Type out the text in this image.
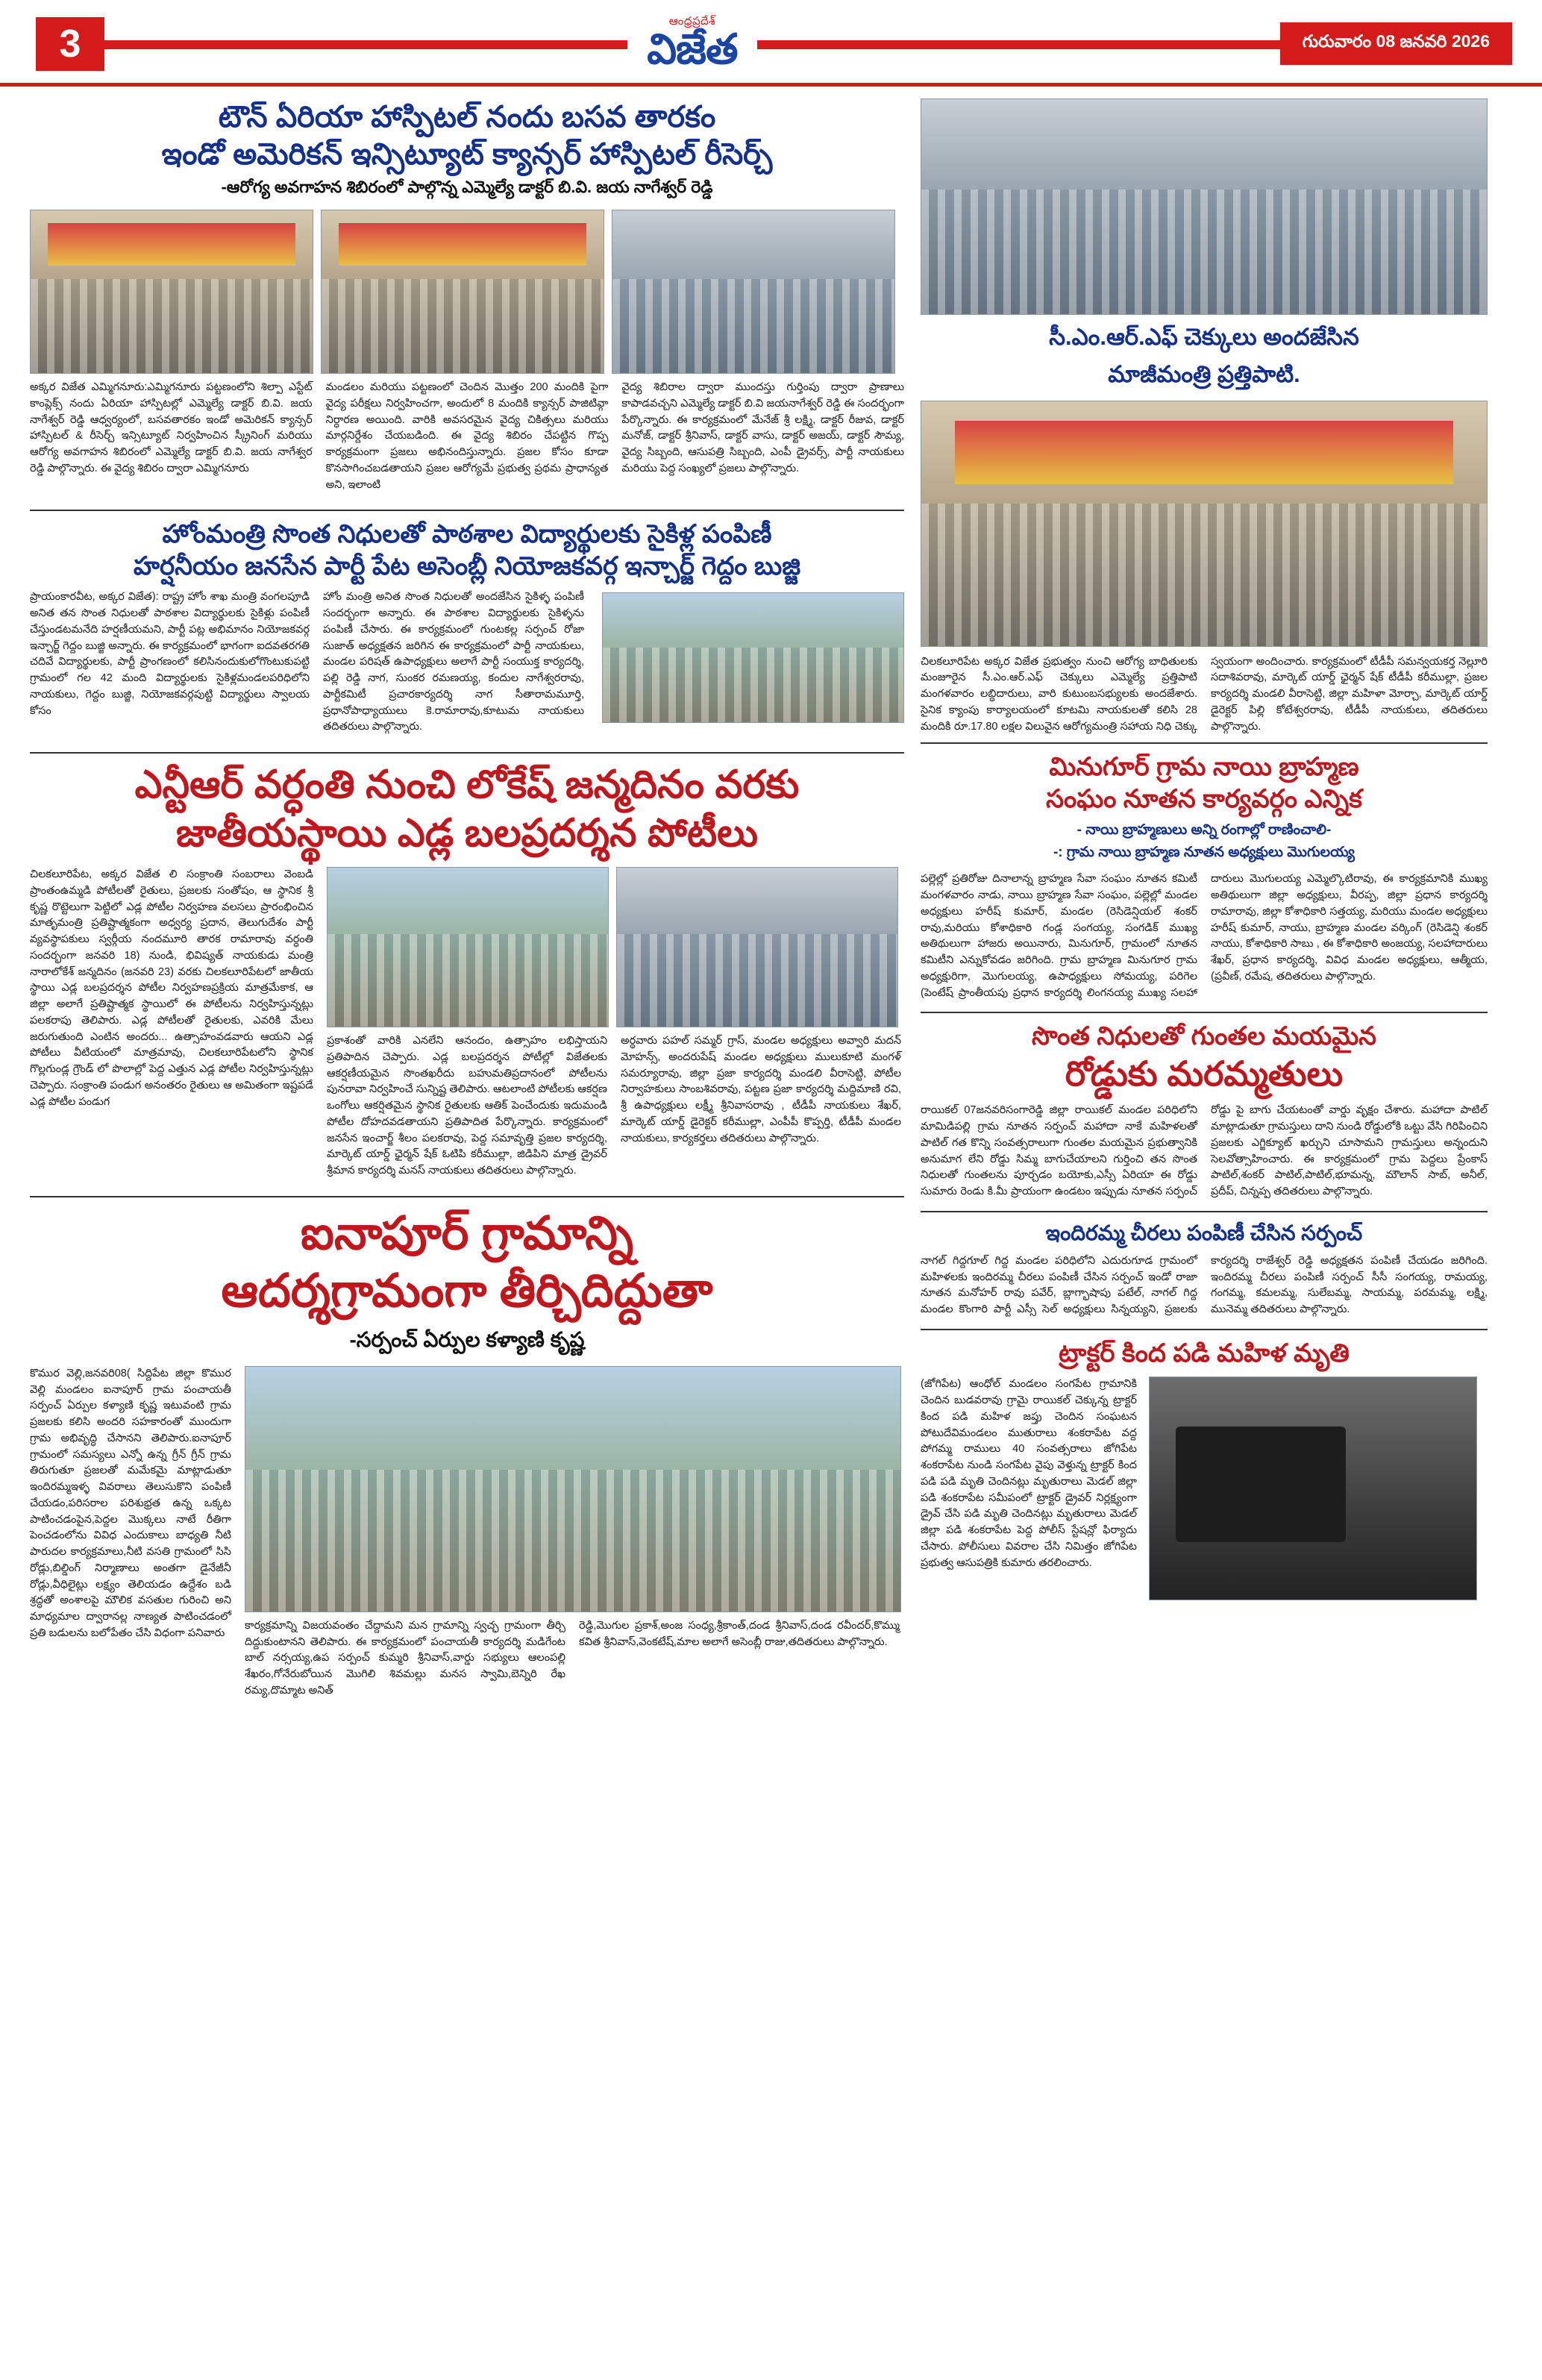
3
ఆంధ్రప్రదేశ్
విజేత	గురువారం 08 జనవరి 2026
టౌన్ ఏరియా హాస్పిటల్ నందు బసవ తారకం
ఇండో అమెరికన్ ఇన్సిట్యూట్ క్యాన్సర్ హాస్పిటల్ రీసెర్చ్
-ఆరోగ్య అవగాహన శిబిరంలో పాల్గొన్న ఎమ్మెల్యే డాక్టర్ బి.వి. జయ నాగేశ్వర్ రెడ్డి

అక్కర విజేత ఎమ్మిగనూరు:ఎమ్మిగనూరు పట్టణంలోని శిల్పా ఎస్టేట్ కాంప్లెక్స్ నందు ఏరియా హాస్పిటల్లో ఎమ్మెల్యే డాక్టర్ బి.వి. జయ నాగేశ్వర్ రెడ్డి ఆధ్వర్యంలో, బసవతారకం ఇండో అమెరికన్ క్యాన్సర్ హాస్పిటల్ & రీసెర్చ్ ఇన్సిట్యూట్ నిర్వహించిన స్క్రీనింగ్ మరియు ఆరోగ్య అవగాహన శిబిరంలో ఎమ్మెల్యే డాక్టర్ బి.వి. జయ నాగేశ్వర రెడ్డి పాల్గొన్నారు. ఈ వైద్య శిబిరం ద్వారా ఎమ్మిగనూరు

మండలం మరియు పట్టణంలో చెందిన మొత్తం 200 మందికి పైగా వైద్య పరీక్షలు నిర్వహించగా, అందులో 8 మందికి క్యాన్సర్ పాజిటివ్గా నిర్ధారణ అయింది. వారికి అవసరమైన వైద్య చికిత్సలు మరియు మార్గనిర్దేశం చేయబడింది. ఈ వైద్య శిబిరం చేపట్టిన గొప్ప కార్యక్రమంగా ప్రజలు అభినందిస్తున్నారు. ప్రజల కోసం కూడా కొనసాగించబడతాయని ప్రజల ఆరోగ్యమే ప్రభుత్వ ప్రథమ ప్రాధాన్యత అని, ఇలాంటి

వైద్య శిబిరాల ద్వారా ముందస్తు గుర్తింపు ద్వారా ప్రాణాలు కాపాడవచ్చని ఎమ్మెల్యే డాక్టర్ బి.వి జయనాగేశ్వర్ రెడ్డి ఈ సందర్భంగా పేర్కొన్నారు. ఈ కార్యక్రమంలో మేనేజ్ శ్రీ లక్ష్మి, డాక్టర్ రీజువ, డాక్టర్ మనోజ్, డాక్టర్ శ్రీనివాస్, డాక్టర్ వాసు, డాక్టర్ అజయ్, డాక్టర్ సౌమ్య, వైద్య సిబ్బంది, ఆసుపత్రి సిబ్బంది, ఎంపీ డ్రైవర్స్, పార్టీ నాయకులు మరియు పెద్ద సంఖ్యలో ప్రజలు పాల్గొన్నారు.

హోంమంత్రి సొంత నిధులతో పాఠశాల విద్యార్థులకు సైకిళ్ల పంపిణీ
హర్షనీయం జనసేన పార్టీ పేట అసెంబ్లీ నియోజకవర్గ ఇన్చార్జ్ గెద్దం బుజ్జి

ప్రాయంకారవీట, అక్కర విజేత): రాష్ట్ర హోం శాఖ మంత్రి వంగలపూడి అనిత తన సొంత నిధులతో పాఠశాల విద్యార్థులకు సైకిళ్లు పంపిణీ చేస్తుండటమనేది హర్షణీయమని, పార్టీ పట్ల అభిమానం నియోజకవర్గ ఇన్చార్జ్ గెద్దం బుజ్జి అన్నారు. ఈ కార్యక్రమంలో భాగంగా ఐదవతరగతి చదివే విద్యార్థులకు, పార్టీ ప్రాంగణంలో కలిసినందుకులోగొంటుకుపట్టి గ్రామంలో గల 42 మంది విద్యార్థులకు సైకిళ్లమండలపరిధిలోని నాయకులు, గెద్దం బుజ్జి, నియోజకవర్గపుట్టి విద్యార్థులు స్వాలయ కోసం

హోం మంత్రి అనిత సొంత నిధులతో అందజేసిన సైకిళ్ళ పంపిణీ సందర్భంగా అన్నారు. ఈ పాఠశాల విద్యార్థులకు సైకిళ్ళను పంపిణీ చేసారు. ఈ కార్యక్రమంలో గుంటకల్ల సర్పంచ్ రోజా సుజాత్ అధ్యక్షతన జరిగిన ఈ కార్యక్రమంలో పార్టీ నాయకులు, మండల పరిషత్ ఉపాధ్యక్షులు అలాగే పార్టీ సంయుక్త కార్యదర్శి, పల్లి రెడ్డి నాగ, సుంకర రమణయ్య, కందుల నాగేశ్వరరావు, పార్టీకమిటీ ప్రచారకార్యదర్శి నాగ సీతారామమూర్తి, ప్రధానోపాధ్యాయులు కె.రామారావు,కూటుమ నాయకులు తదితరులు పాల్గొన్నారు.

ఎన్టీఆర్ వర్ధంతి నుంచి లోకేష్ జన్మదినం వరకు
జాతీయస్థాయి ఎడ్ల బలప్రదర్శన పోటీలు
చిలకలూరిపేట, అక్కర విజేత లి సంక్రాంతి సంబరాలు వెంబడి ప్రాంతంఉమ్మడి పోటీలతో రైతులు, ప్రజలకు సంతోషం, ఆ స్థానిక శ్రీ కృష్ణ రొట్టెలుగా పెట్టిలో ఎడ్ల పోటీల నిర్వహణ వలసలు ప్రారంభించిన మాతృమంత్రి ప్రతిష్టాత్మకంగా అధ్వర్య ప్రదాన, తెలుగుదేశం పార్టీ వ్యవస్థాపకులు స్వర్గీయ నందమూరి తారక రామారావు వర్ధంతి సందర్భంగా జనవరి 18) నుండి, భివిష్యత్ నాయకుడు మంత్రి నారాలోకేశ్ జన్మదినం (జనవరి 23) వరకు చిలకలూరిపేటలో జాతీయ స్థాయి ఎడ్ల బలప్రదర్శన పోటీల నిర్వహణప్రక్రియ మాత్రమేకాక, ఆ జిల్లా అలాగే ప్రతిష్టాత్మక స్థాయిలో ఈ పోటీలను నిర్వహిస్తున్నట్లు పలకరాపు తెలిపారు. ఎడ్ల పోటీలతో రైతులకు, ఎవరికి మేలు జరుగుతుంది ఎంటిన అందరు... ఉత్సాహంవడవారు ఆయని ఎడ్ల పోటీలు వీటియంలో మాత్రమావు, చిలకలూరిపేటలోని స్థానిక గొల్లగుండ్ల గ్రౌండ్ లో పొలాల్లో పెద్ద ఎత్తున ఎడ్ల పోటీల నిర్వహిస్తున్నట్లు చెప్పారు. సంక్రాంతి పండుగ అనంతరం రైతులు ఆ అమితంగా ఇష్టపడే ఎడ్ల పోటీల పండుగ

ప్రకాశంతో వారికి ఎనలేని ఆనందం, ఉత్సాహం లభిస్తాయని ప్రతిపాదిన చెప్పారు. ఎడ్ల బలప్రదర్శన పోటీల్లో విజేతలకు ఆకర్షణీయమైన సొంతఖరీదు బహుమతిప్రదానంలో పోటీలను పునరావా నిర్వహించే సున్నిష్ట తెలిపారు. ఆటలాంటి పోటీలకు ఆకర్షణ ఒంగోలు ఆకర్షితమైన స్థానిక రైతులకు ఆతిక్ పెంచేందుకు ఇదుమండి పోటీల దోహదవడతాయని ప్రతిపాదిత పేర్కొన్నారు. కార్యక్రమంలో జనసేన ఇంచార్జ్ శీలం పలకరావు, పెద్ద సమావృత్తి ప్రజల కార్యదర్శి, మార్కెట్ యార్డ్ ఛైర్మన్ షేక్ ఓటిపి కరీముల్లా, జిడిపిని మాత్ర డ్రైవర్ శ్రీమాన కార్యదర్శి మనస్ నాయకులు తదితరులు పాల్గొన్నారు.

అర్ధవారు పహల్ సమ్మర్ గ్రాస్, మండల అధ్యక్షులు అవ్వారి మదన్ మోహన్స్, అందరుపేష్ మండల అధ్యక్షులు ములుకూటి మంగళ్ సమర్యూరావు, జిల్లా ప్రజా కార్యదర్శి మండలి వీరాసెట్టి, పోటీల నిర్వాహకులు సాంబశివరావు, పట్టణ ప్రజా కార్యదర్శి మద్దిమాణి రవి, శ్రీ ఉపాధ్యక్షులు లక్ష్మీ శ్రీనివాసరావు , టీడీపీ నాయకులు శేఖర్, మార్కెట్ యార్డ్ డైరెక్టర్ కరీముల్లా, ఎంపీపీ కొప్పర్తి, టీడీపీ మండల నాయకులు, కార్యకర్తలు తదితరులు పాల్గొన్నారు.

ఐనాపూర్ గ్రామాన్ని
ఆదర్శగ్రామంగా తీర్చిదిద్దుతా
-సర్పంచ్ ఏర్పుల కళ్యాణి కృష్ణ
కొముర వెల్లి,జనవరి08( సిద్దిపేట జిల్లా కొముర వెల్లి మండలం ఐనాపూర్ గ్రామ పంచాయతీ సర్పంచ్ ఏర్పుల కళ్యాణి కృష్ణ ఇటువంటి గ్రామ ప్రజలకు కలిసి అందరి సహకారంతో ముందుగా గ్రామ అభివృద్ధి చేసానని తెలిపారు.ఐనాపూర్ గ్రామంలో సమస్యలు ఎన్నో ఉన్న గ్రీన్ గ్రీన్ గ్రామ తిరుగుతూ ప్రజలతో మమేకమై మాట్లాడుతూ ఇందిరమ్మఇళ్ళ వివరాలు తెలుసుకొని పంపిణీ చేయడం,పరిసరాల పరిశుభ్రత ఉన్న ఒక్కట పాటించడంపైన,పెద్దల మొక్కలు నాటే రీతిగా పెంచడంలోను వివిధ ఎందుకాలు బాధ్యతి నీటి పారుదల కార్యక్రమాలు,నీటి వసతి గ్రామంలో సిసి రోడ్లు,బిల్డింగ్ నిర్మాణాలు అంతగా డైనేజీనీ రోడ్లు,వీధిలైట్లు లక్ష్యం తెలియడం ఉద్దేశం బడి శ్రద్ధతో అంశాలపై మౌలిక వసతుల గురించి అని మాధ్యమాల ద్వారానల్ల నాణ్యత పాటించడంలో ప్రతి బడులను బలోపేతం చేసి విధంగా పనివారు

కార్యక్రమాన్ని విజయవంతం చేద్దామని మన గ్రామాన్ని స్వచ్ఛ గ్రామంగా తీర్చి దిద్దుకుంటానని తెలిపారు. ఈ కార్యక్రమంలో పంచాయతీ కార్యదర్శి మడిగేంట బాల్ నర్సయ్య,ఉప సర్పంచ్ కుమ్మరి శ్రీనివాస్,వార్డు సభ్యులు ఆలంపల్లి శేఖరం,గోనేరుబోయిన మొగిలి శివమల్లు మనస స్వామి,బెన్నిరి రేఖ రమ్య,దొమ్మాట అనిత్

రెడ్డి,మొగుల ప్రకాశ్,అంజ సంధ్య,శ్రీకాంత్,దండ శ్రీనివాస్,దండ రవీందర్,కొమ్ము కవిత శ్రీనివాస్,వెంకటేష్,మాల అలాగే అసెంబ్లీ రాజు,తదితరులు పాల్గొన్నారు.

సీ.ఎం.ఆర్.ఎఫ్ చెక్కులు అందజేసిన
మాజీమంత్రి ప్రత్తిపాటి.
చిలకలూరిపేట అక్కర విజేత ప్రభుత్వం నుంచి ఆరోగ్య బాధితులకు మంజూరైన సీ.ఎం.ఆర్.ఎఫ్ చెక్కులు ఎమ్మెల్యే ప్రత్తిపాటి మంగళవారం లబ్ధిదారులు, వారి కుటుంబసభ్యులకు అందజేశారు. సైనిక క్యాంపు కార్యాలయంలో కూటమి నాయకులతో కలిసి 28 మందికి రూ.17.80 లక్షల విలువైన ఆరోగ్యమంత్రి సహాయ నిధి చెక్కు స్వయంగా అందించారు. కార్యక్రమంలో టీడీపీ సమన్వయకర్త నెల్లూరి సదాశివరావు, మార్కెట్ యార్డ్ ఛైర్మన్ షేక్ టీడీపీ కరీముల్లా, ప్రజల కార్యదర్శి మండలి వీరాసెట్టి, జిల్లా మహిళా మోర్చా, మార్కెట్ యార్డ్ డైరెక్టర్ పిల్లి కోటేశ్వరరావు, టీడీపీ నాయకులు, తదితరులు పాల్గొన్నారు.
మినుగూర్ గ్రామ నాయి బ్రాహ్మణ
సంఘం నూతన కార్యవర్గం ఎన్నిక
- నాయి బ్రాహ్మణులు అన్ని రంగాల్లో రాణించాలి-
-: గ్రామ నాయి బ్రాహ్మణ నూతన అధ్యక్షులు మొగులయ్య
పల్లెల్లో ప్రతిరోజు దినాలాన్న బ్రాహ్మణ సేవా సంఘం నూతన కమిటీ మంగళవారం నాడు, నాయి బ్రాహ్మణ సేవా సంఘం, పల్లెల్లో మండల అధ్యక్షులు హరీష్ కుమార్, మండల (రెసిడెన్షియల్ శంకర్ రావు,మరియు కోశాధికారి గండ్ల సంగయ్య, సంగడిక్ ముఖ్య అతిథులుగా హాజరు అయినారు, మినుగూర్, గ్రామంలో నూతన కమిటీని ఎన్నుకోవడం జరిగింది. గ్రామ బ్రాహ్మణ మినుగూర గ్రామ అధ్యక్షురిగా, మొగులయ్య, ఉపాధ్యక్షులు సోమయ్య, పరిగెల (పెంటేష్ ప్రాంతీయపు ప్రధాన కార్యదర్శి లింగనయ్య ముఖ్య సలహా దారులు మొగులయ్య ఎమ్మెల్కొటిరావు, ఈ కార్యక్రమానికి ముఖ్య అతిథులుగా జిల్లా అధ్యక్షులు, వీరప్ప, జిల్లా ప్రధాన కార్యదర్శి రామారావు, జిల్లా కోశాధికారి సత్తయ్య, మరియు మండల అధ్యక్షులు హరీష్ కుమార్, నాయు, బ్రాహ్మణ మండల వర్కింగ్ (రెసిడెన్షి శంకర్ నాయు, కోశాధికారి సాబు , ఈ కోశాధికారి అంజయ్య, సలహాదారులు శేఖర్, ప్రధాన కార్యదర్శి, వివిధ మండల అధ్యక్షులు, ఆత్మీయ, (ప్రవీణ్, రమేష, తదితరులు పాల్గొన్నారు.
సొంత నిధులతో గుంతల మయమైన
రోడ్డుకు మరమ్మతులు
రాయికల్ 07జనవరిసంగారెడ్డి జిల్లా రాయికల్ మండల పరిధిలోని మామిడిపల్లి గ్రామ నూతన సర్పంచ్ మహాదా నాకే మహిళలతో పాటిల్ గత కొన్ని సంవత్సరాలుగా గుంతల మయమైన ప్రభుత్వానికి అనుమాగ లేని రోడ్డు సిమ్మ బాగుచేయాలని గుర్తించి తన సొంత నిధులతో గుంతలను పూర్చడం బయోకు,ఎస్సీ ఏరియా ఈ రోడ్డు సుమారు రెండు కి.మీ ప్రాయంగా ఉండటం ఇప్పుడు నూతన సర్పంచ్ రోడ్డు పై బాగు చేయటంతో వార్డు వృక్షం చేశారు. మహాదా పాటిల్ మాట్లాడుతూ గ్రామస్తులు దాని నుండి రోడ్డులోకి ఒట్టు వేసి గిరిపించిని ప్రజలకు ఎగ్జిక్యూట్ ఖర్చుని చూసామని గ్రామస్తులు అన్నందుని సెలవోత్సాహించారు. ఈ కార్యక్రమంలో గ్రామ పెద్దలు ప్రేంకాస్ పాటిల్,శంకర్ పాటిల్,పాటిల్,భూమన్న, మౌలాన్ సాబ్, అనీల్, ప్రదీప్, చిన్నప్ప తదితరులు పాల్గొన్నారు.
ఇందిరమ్మ చీరలు పంపిణీ చేసిన సర్పంచ్
నాగల్ గిద్దగూల్ గిద్ద మండల పరిధిలోని ఎదురుగూడ గ్రామంలో మహిళలకు ఇందిరమ్మ చీరలు పంపిణీ చేసిన సర్పంచ్ ఇండో రాజా నూతన మనోహర్ రావు పవేర్, బ్లాగ్భాషాపు పటేల్, నాగల్ గిద్ద మండల కొంగారి పార్టీ ఎస్సీ సెల్ అధ్యక్షులు సిన్నయ్యని, ప్రజలకు కార్యదర్శి రాజేశ్వర్ రెడ్డి అధ్యక్షతన పంపిణీ చేయడం జరిగింది. ఇందిరమ్మ చీరలు పంపిణీ సర్పంచ్ సీసీ సంగయ్య, రామయ్య, గంగమ్మ, కమలమ్మ, సులేబమ్మ, సాయమ్మ, పరమమ్మ, లక్ష్మి, మునెమ్మ తదితరులు పాల్గొన్నారు.
ట్రాక్టర్ కింద పడి మహిళ మృతి
(జోగిపేట) ఆంధోల్ మండలం సంగపేట గ్రామానికి చెందిన బుడవరావు గ్రామై రాయికల్ చెక్కున్న ట్రాక్టర్ కింద పడి మహిళ జప్తు చెందిన సంఘటన పోటుదేవిమండలం ముతురాలు శంకరాపేట వద్ద పోగమ్మ రాములు 40 సంవత్సరాలు జోగిపేట శంకరాపేట నుండి సంగపేట వైపు వెళ్తున్న ట్రాక్టర్ కింద పడి పడి మృతి చెందినట్లు మృతురాలు మెడల్ జిల్లా పడి శంకరాపేట సమీపంలో ట్రాక్టర్ డ్రైవర్ నిర్లక్ష్యంగా డ్రైవ్ చేసి పడి మృతి చెందినట్లు మృతురాలు మెడల్ జిల్లా పడి శంకరాపేట పెద్ద పోలీస్ స్టేషన్లో ఫిర్యాదు చేసారు. పోలీసులు వివరాల చేసి నిమిత్తం జోగిపేట ప్రభుత్వ ఆసుపత్రికి కుమారు తరలించారు.
